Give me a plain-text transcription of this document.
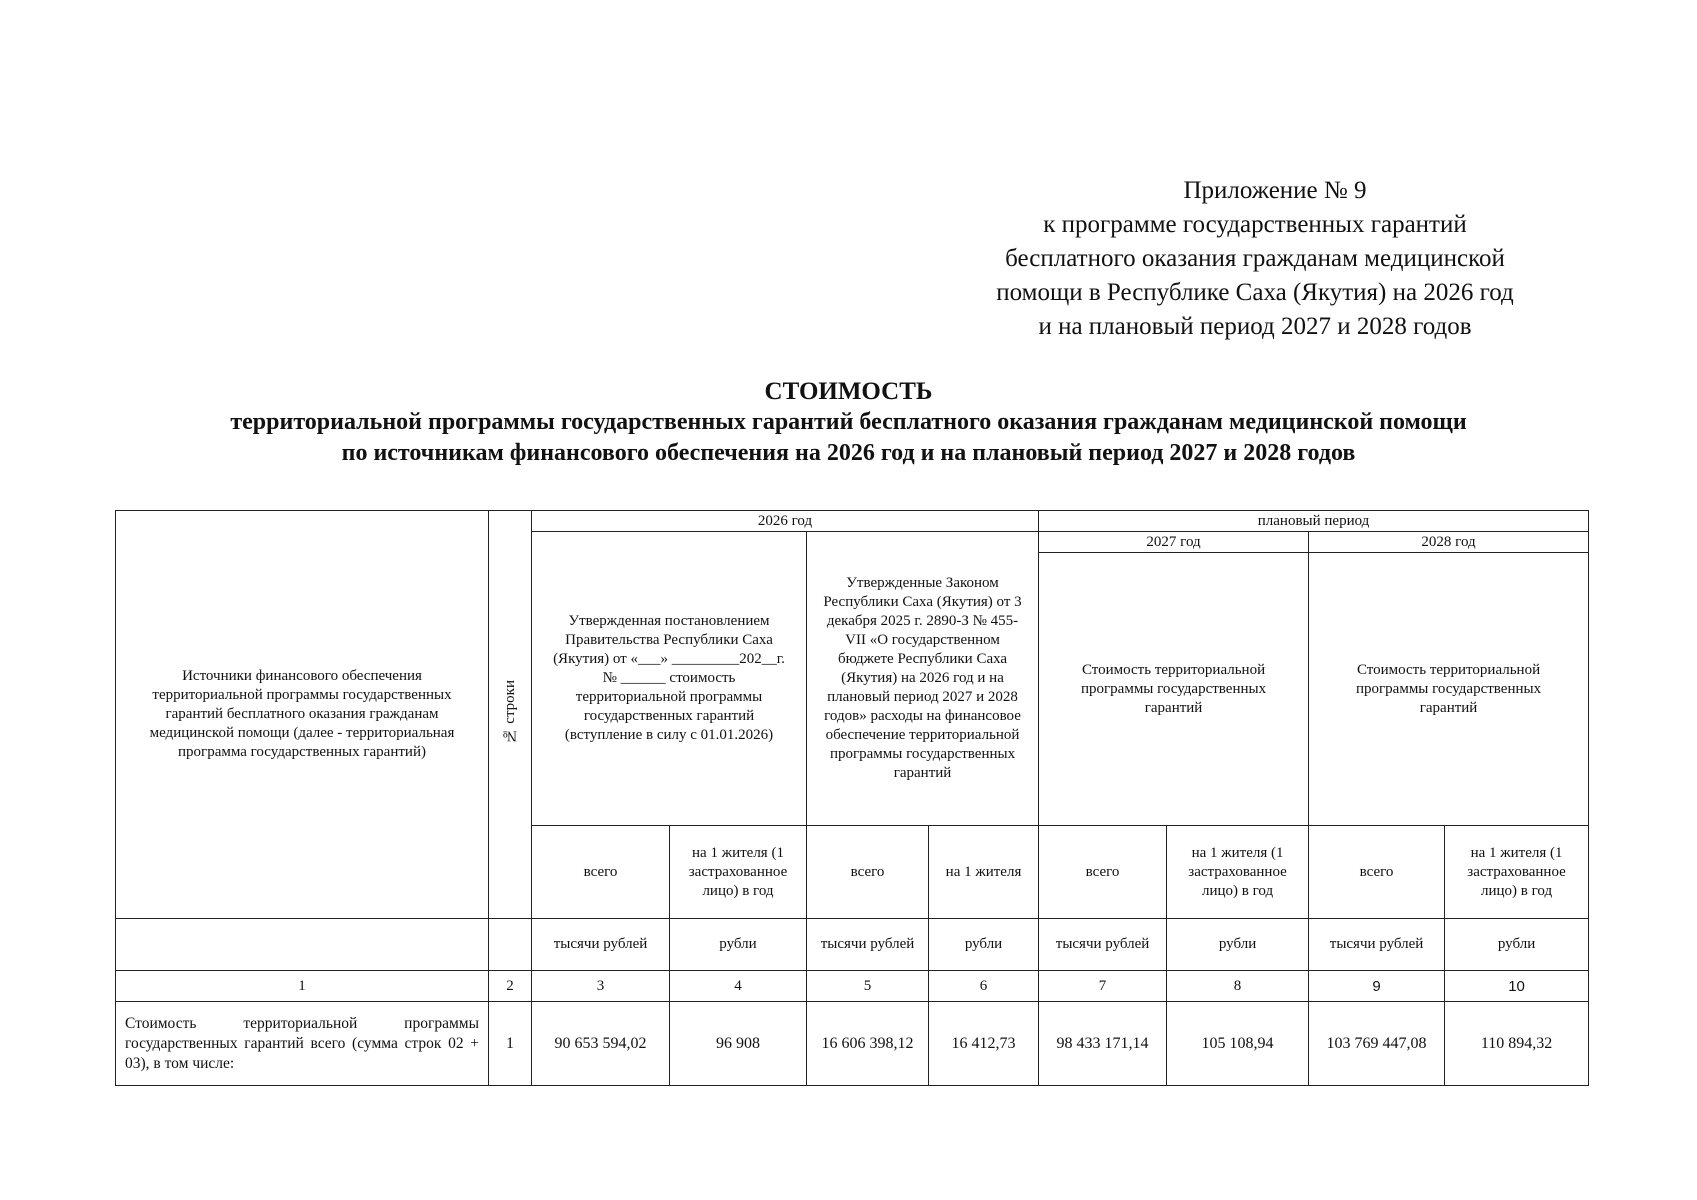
Приложение № 9
к программе государственных гарантий
бесплатного оказания гражданам медицинской
помощи в Республике Саха (Якутия) на 2026 год
и на плановый период 2027 и 2028 годов
СТОИМОСТЬ
территориальной программы государственных гарантий бесплатного оказания гражданам медицинской помощи
по источникам финансового обеспечения на 2026 год и на плановый период 2027 и 2028 годов
Источники финансового обеспечения территориальной программы государственных гарантий бесплатного оказания гражданам медицинской помощи (далее - территориальная программа государственных гарантий)	№ строки	2026 год				плановый период			
		Утвержденная постановлением Правительства Республики Саха (Якутия) от «___» _________202__г. № ______ стоимость территориальной программы государственных гарантий (вступление в силу с 01.01.2026)		Утвержденные Законом Республики Саха (Якутия) от 3 декабря 2025 г. 2890-З № 455-VII «О государственном бюджете Республики Саха (Якутия) на 2026 год и на плановый период 2027 и 2028 годов» расходы на финансовое обеспечение территориальной программы государственных гарантий		2027 год		2028 год	
						Стоимость территориальной программы государственных гарантий		Стоимость территориальной программы государственных гарантий	
		всего	на 1 жителя (1 застрахованное лицо) в год	всего	на 1 жителя	всего	на 1 жителя (1 застрахованное лицо) в год	всего	на 1 жителя (1 застрахованное лицо) в год
		тысячи рублей	рубли	тысячи рублей	рубли	тысячи рублей	рубли	тысячи рублей	рубли
1	2	3	4	5	6	7	8	9	10
Стоимость территориальной программы государственных гарантий всего (сумма строк 02 + 03), в том числе:	1	90 653 594,02	96 908	16 606 398,12	16 412,73	98 433 171,14	105 108,94	103 769 447,08	110 894,32
